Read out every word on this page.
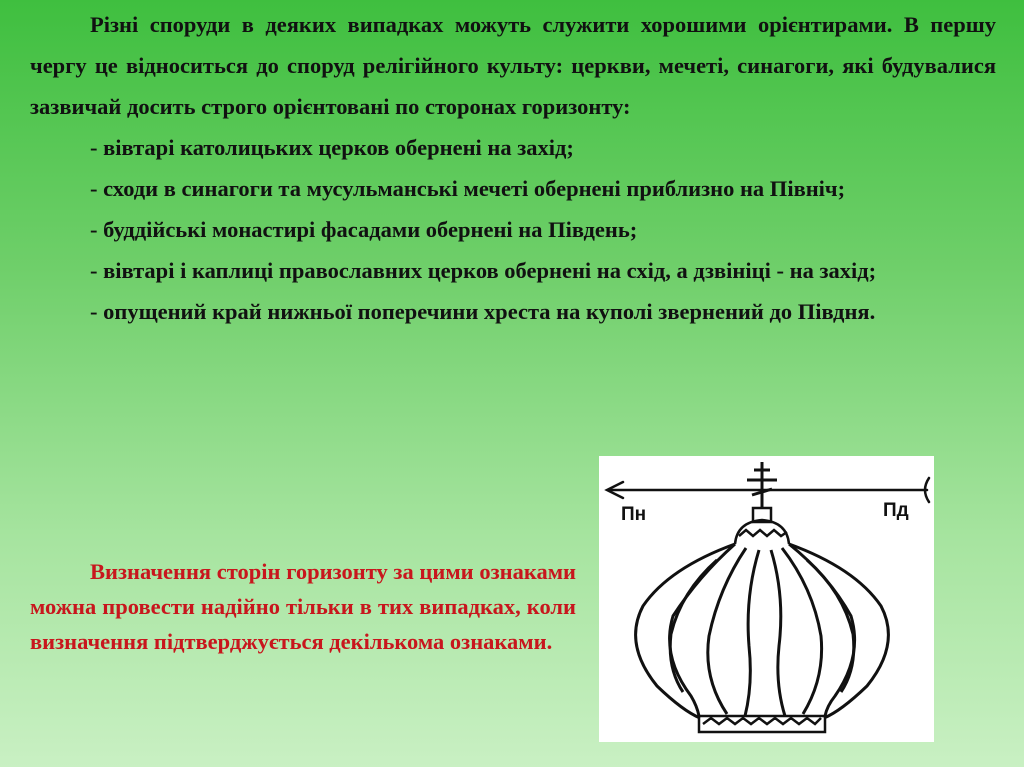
Різні споруди в деяких випадках можуть служити хорошими орієнтирами. В першу чергу це відноситься до споруд релігійного культу: церкви, мечеті, синагоги, які будувалися зазвичай досить строго орієнтовані по сторонах горизонту:

- вівтарі католицьких церков обернені на захід;

- сходи в синагоги та мусульманські мечеті обернені приблизно на Північ;

- буддійські монастирі фасадами обернені на Південь;

- вівтарі і каплиці православних церков обернені на схід, а дзвініці - на захід;

- опущений край нижньої поперечини хреста на куполі звернений до Півдня.

Визначення сторін горизонту за цими ознаками можна провести надійно тільки в тих випадках, коли визначення підтверджується декількома ознаками.
Пн	Пд
